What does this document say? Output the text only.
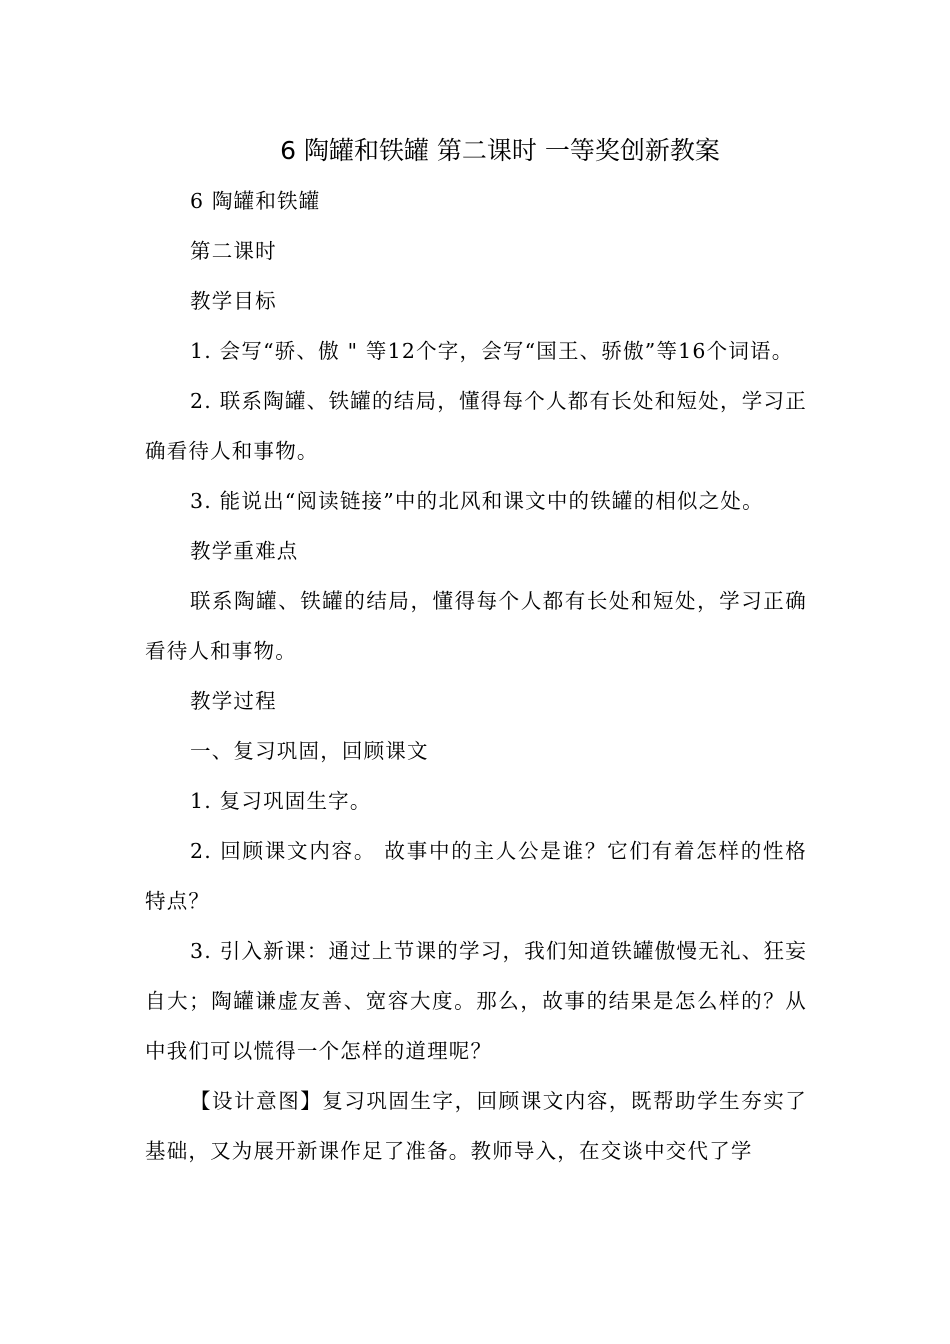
6 陶罐和铁罐 第二课时 一等奖创新教案

6 陶罐和铁罐

第二课时

教学目标

1. 会写“骄、傲 " 等12个字，会写“国王、骄傲”等16个词语。

2. 联系陶罐、铁罐的结局，懂得每个人都有长处和短处，学习正确看待人和事物。

3. 能说出“阅读链接”中的北风和课文中的铁罐的相似之处。

教学重难点

联系陶罐、铁罐的结局，懂得每个人都有长处和短处，学习正确看待人和事物。

教学过程

一、复习巩固，回顾课文

1. 复习巩固生字。

2. 回顾课文内容。 故事中的主人公是谁？它们有着怎样的性格特点？

3. 引入新课：通过上节课的学习，我们知道铁罐傲慢无礼、狂妄自大；陶罐谦虚友善、宽容大度。那么，故事的结果是怎么样的？从中我们可以慌得一个怎样的道理呢？

【设计意图】复习巩固生字，回顾课文内容，既帮助学生夯实了基础，又为展开新课作足了准备。教师导入，在交谈中交代了学
